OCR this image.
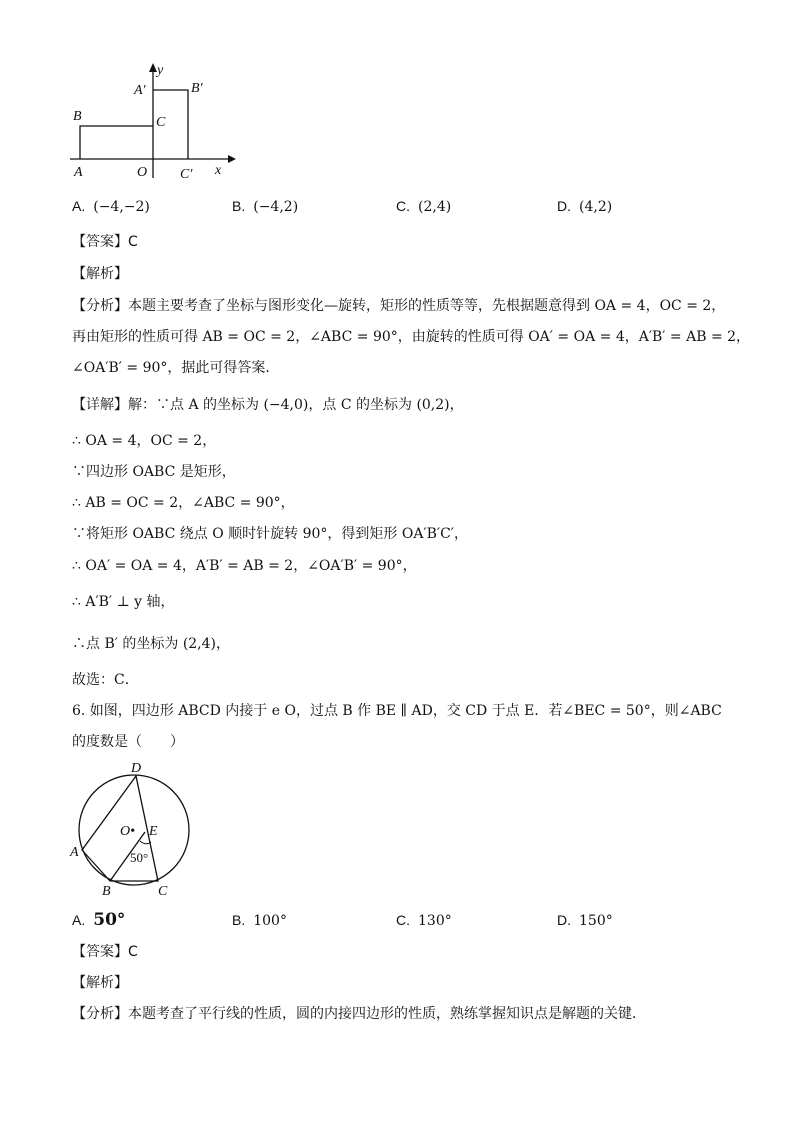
y
A′	B′
B	C
A	O C′ x
A. (−4,−2)	B. (−4,2)	C. (2,4)	D. (4,2)
【答案】C
【解析】
【分析】本题主要考查了坐标与图形变化—旋转，矩形的性质等等，先根据题意得到 OA = 4，OC = 2，
再由矩形的性质可得 AB = OC = 2，∠ABC = 90°，由旋转的性质可得 OA′ = OA = 4，A′B′ = AB = 2，
∠OA′B′ = 90°，据此可得答案．
【详解】解：∵点 A 的坐标为 (−4,0)，点 C 的坐标为 (0,2)，
∴ OA = 4，OC = 2，
∵四边形 OABC 是矩形，
∴ AB = OC = 2，∠ABC = 90°，
∵将矩形 OABC 绕点 O 顺时针旋转 90°，得到矩形 OA′B′C′，
∴ OA′ = OA = 4，A′B′ = AB = 2，∠OA′B′ = 90°，
∴ A′B′ ⊥ y 轴，
∴点 B′ 的坐标为 (2,4)，
故选：C．
6. 如图，四边形 ABCD 内接于 e O，过点 B 作 BE ∥ AD，交 CD 于点 E．若∠BEC = 50°，则∠ABC
的度数是（　　）
D
O• E
A	50°
B	C
A. 50°	B. 100°	C. 130°	D. 150°
【答案】C
【解析】
【分析】本题考查了平行线的性质，圆的内接四边形的性质，熟练掌握知识点是解题的关键．
